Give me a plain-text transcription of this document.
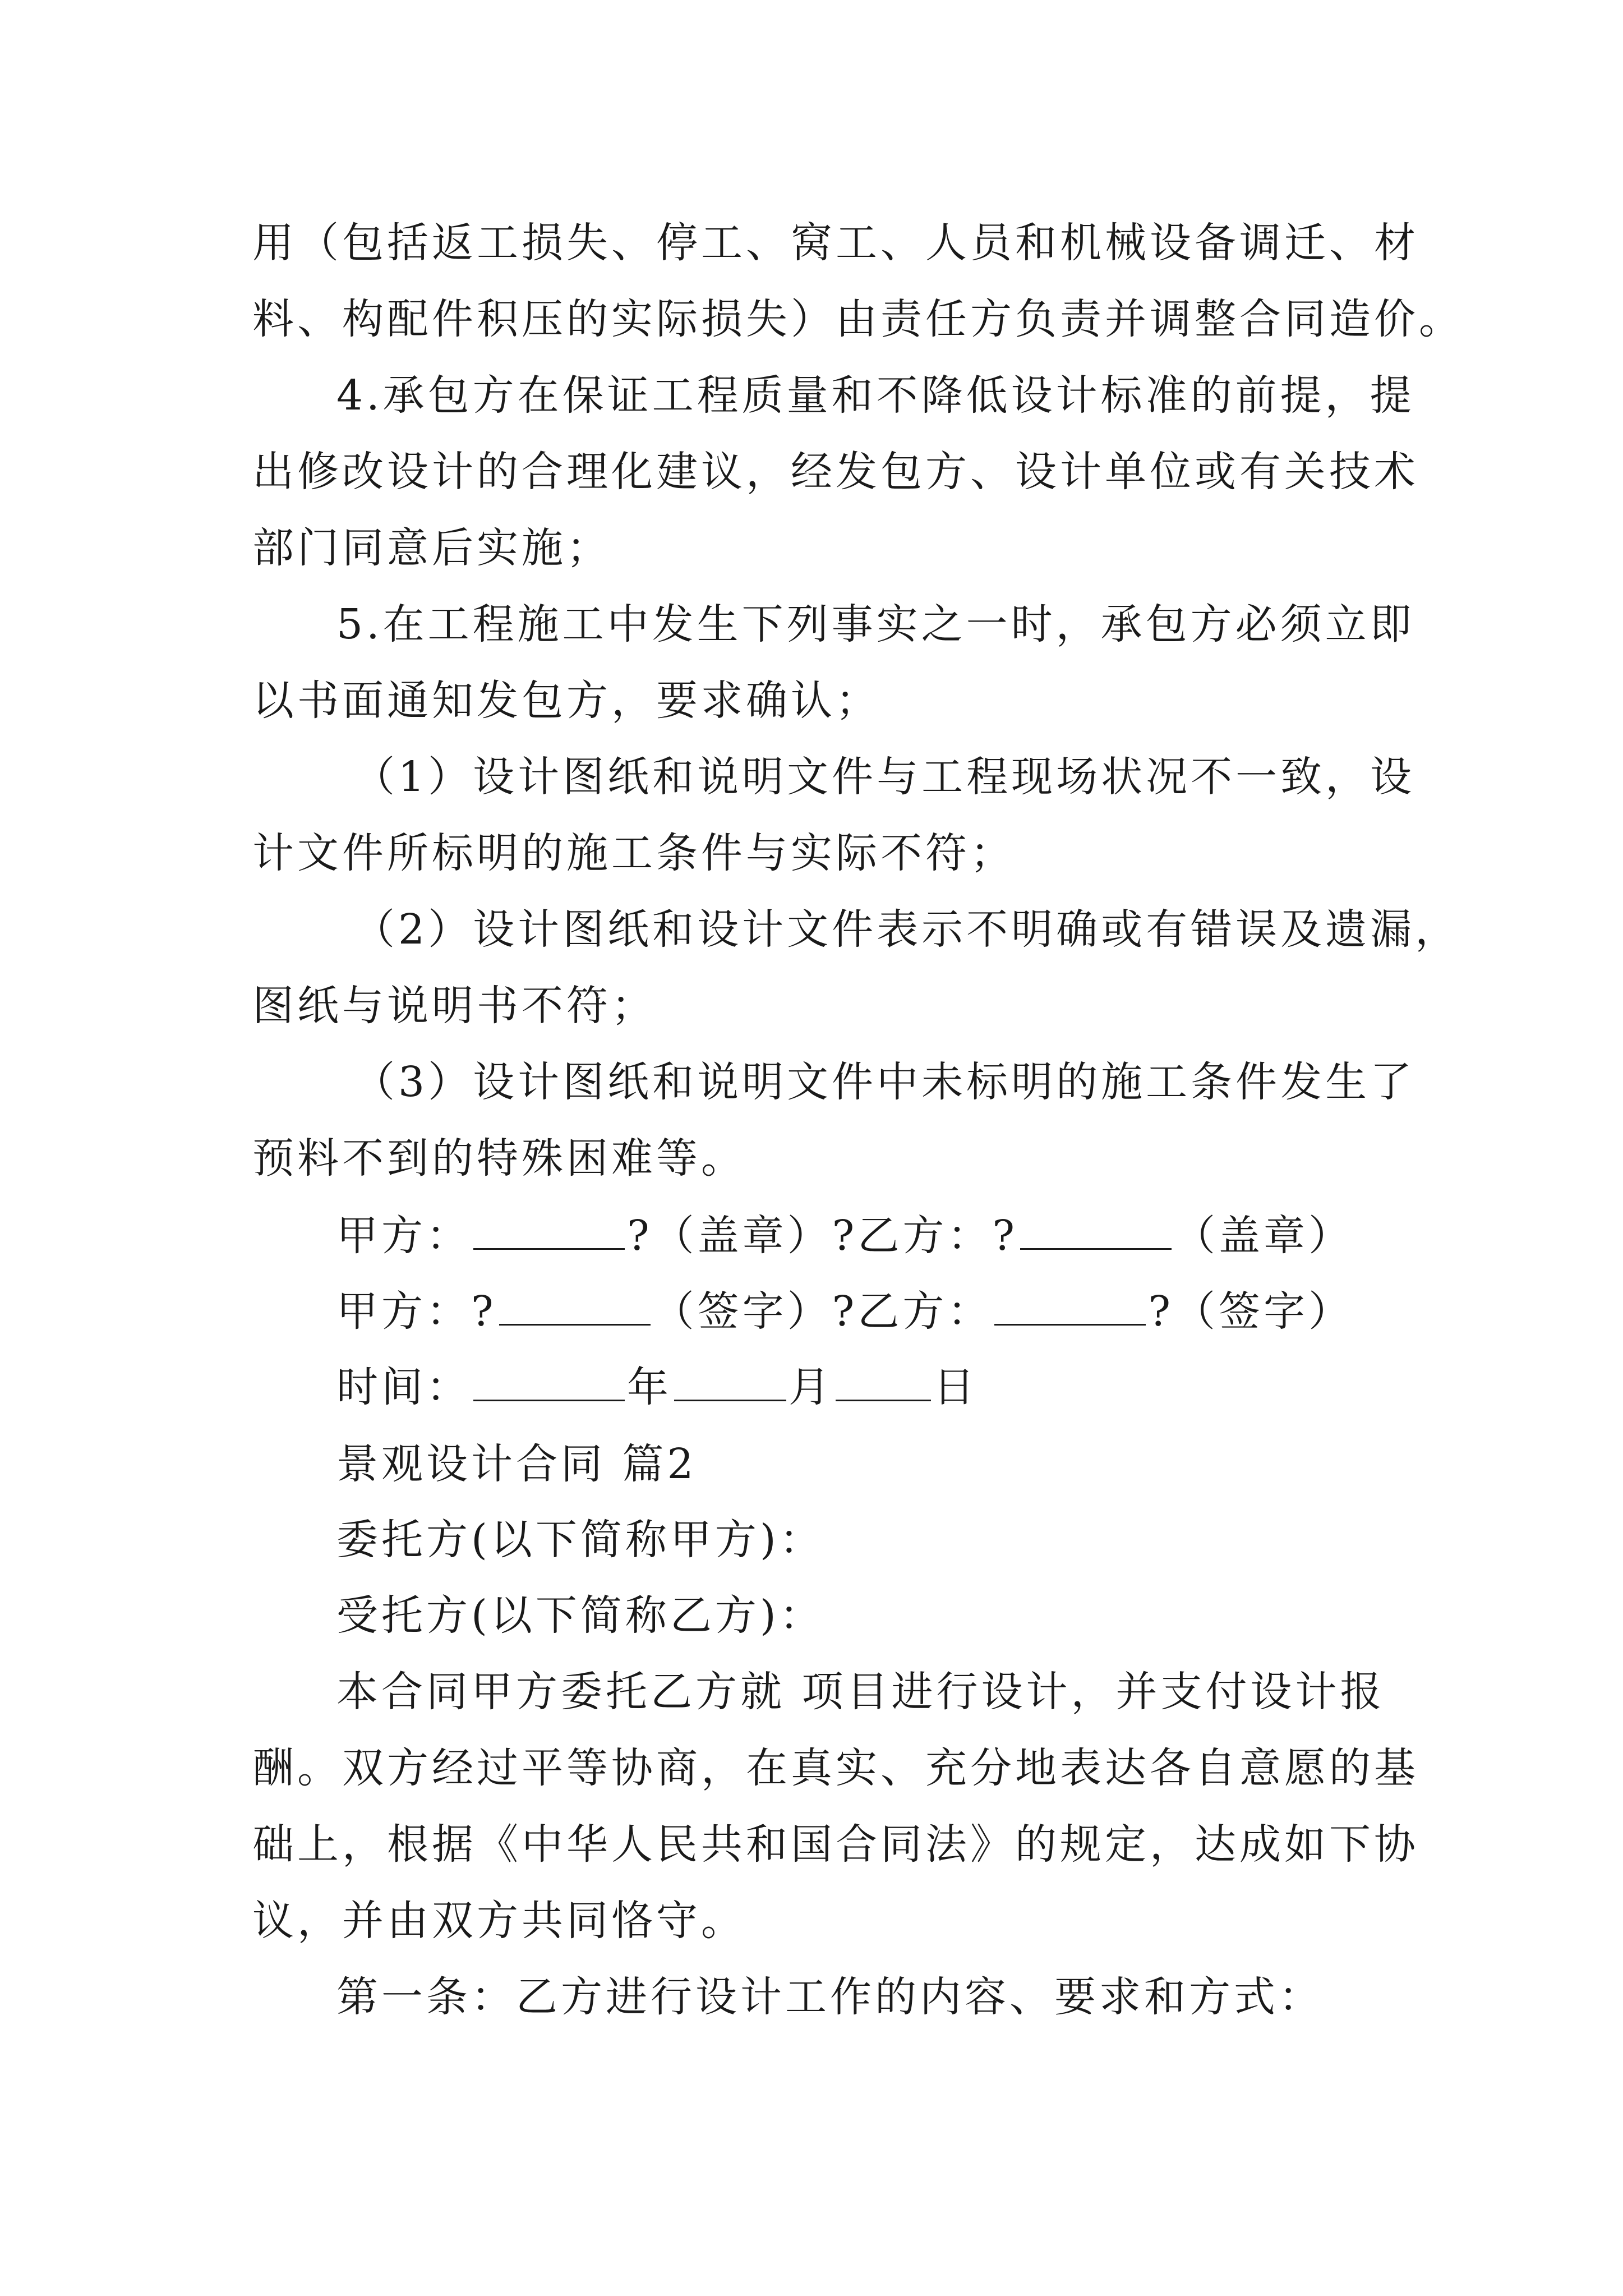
用（包括返工损失、停工、窝工、人员和机械设备调迁、材
料、构配件积压的实际损失）由责任方负责并调整合同造价。
4.承包方在保证工程质量和不降低设计标准的前提，提
出修改设计的合理化建议，经发包方、设计单位或有关技术
部门同意后实施；
5.在工程施工中发生下列事实之一时，承包方必须立即
以书面通知发包方，要求确认；
（1）设计图纸和说明文件与工程现场状况不一致，设
计文件所标明的施工条件与实际不符；
（2）设计图纸和设计文件表示不明确或有错误及遗漏，
图纸与说明书不符；
（3）设计图纸和说明文件中未标明的施工条件发生了
预料不到的特殊困难等。
甲方：	?（盖章）?乙方：?	（盖章）
甲方：?	（签字）?乙方：	?（签字）
时间：	年	月 日
景观设计合同 篇2
委托方(以下简称甲方)：
受托方(以下简称乙方)：
本合同甲方委托乙方就 项目进行设计，并支付设计报
酬。双方经过平等协商，在真实、充分地表达各自意愿的基
础上，根据《中华人民共和国合同法》的规定，达成如下协
议，并由双方共同恪守。
第一条：乙方进行设计工作的内容、要求和方式：
